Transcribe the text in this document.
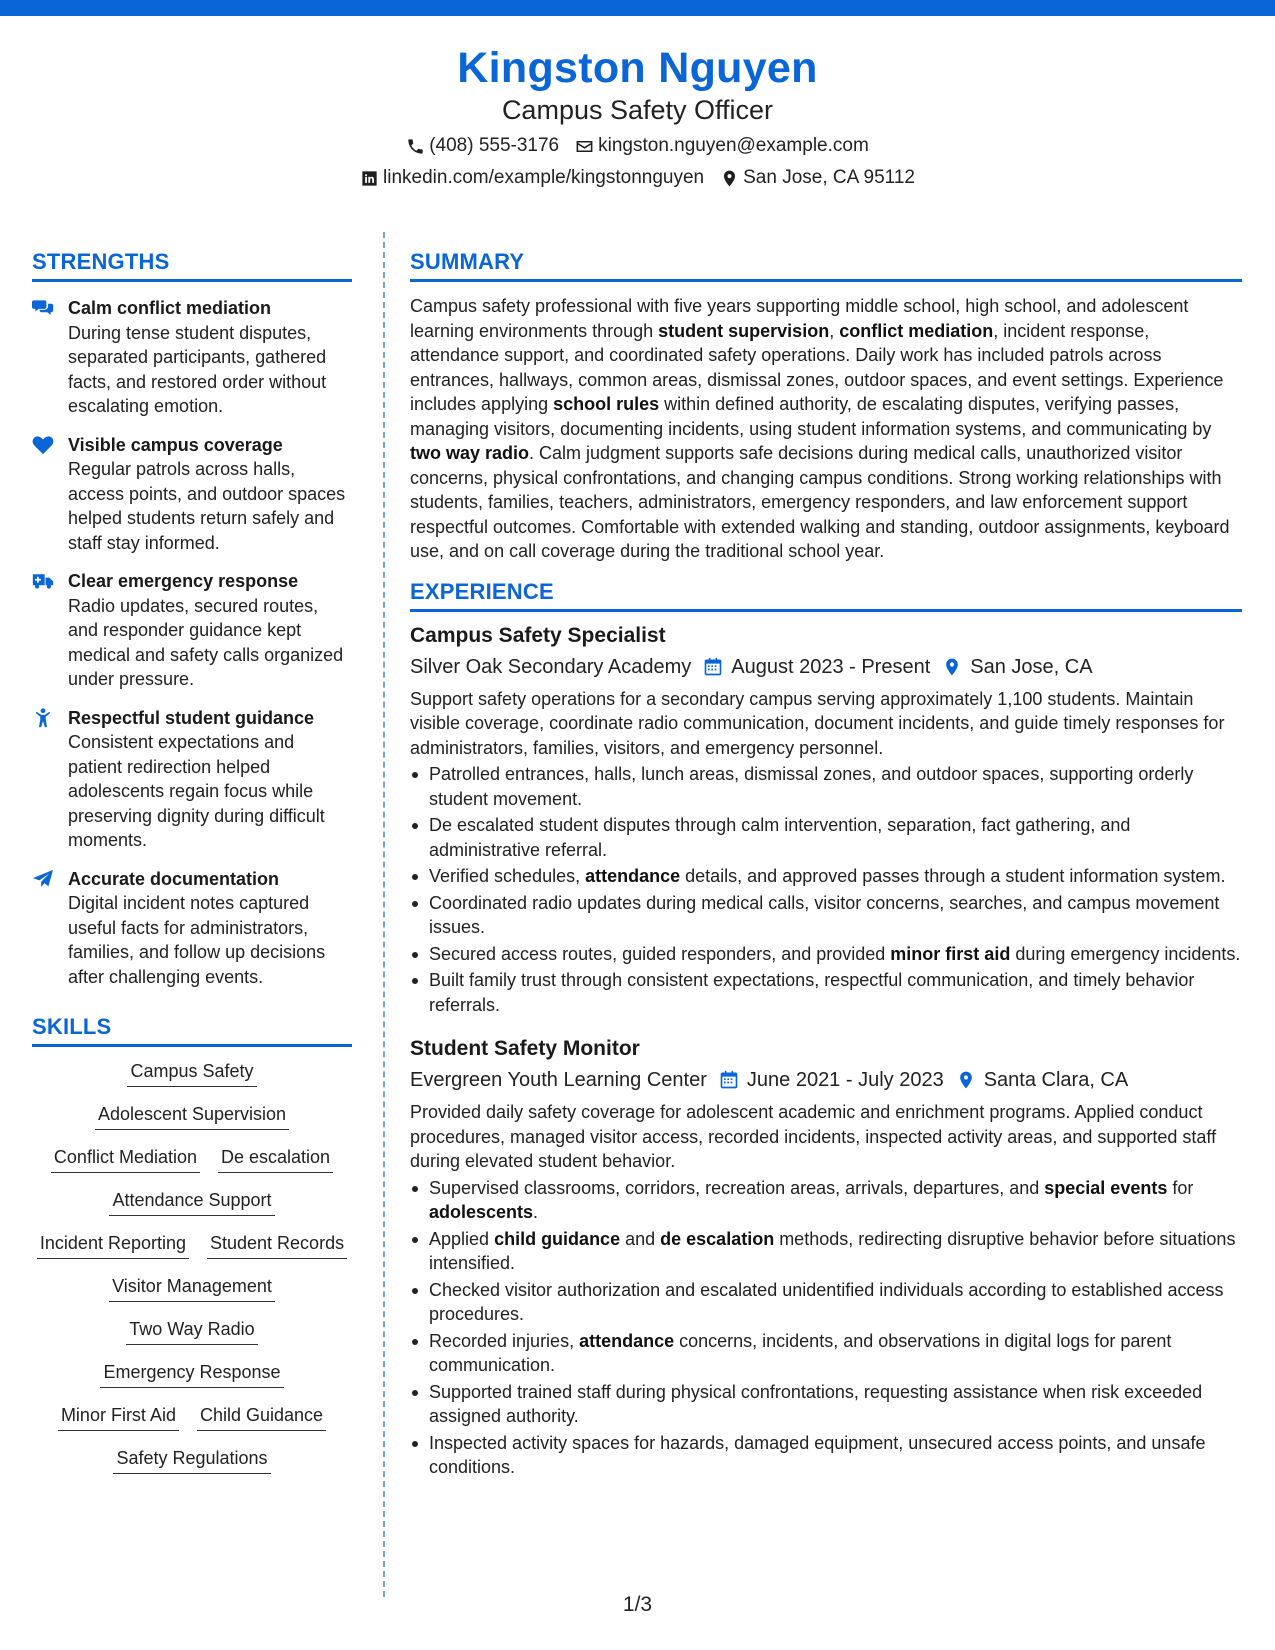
Kingston Nguyen
Campus Safety Officer
(408) 555-3176 kingston.nguyen@example.com
linkedin.com/example/kingstonnguyen San Jose, CA 95112
STRENGTHS
Calm conflict mediation
During tense student disputes, separated participants, gathered facts, and restored order without escalating emotion.
Visible campus coverage
Regular patrols across halls, access points, and outdoor spaces helped students return safely and staff stay informed.
Clear emergency response
Radio updates, secured routes, and responder guidance kept medical and safety calls organized under pressure.
Respectful student guidance
Consistent expectations and patient redirection helped adolescents regain focus while preserving dignity during difficult moments.
Accurate documentation
Digital incident notes captured useful facts for administrators, families, and follow up decisions after challenging events.
SKILLS
Campus Safety
Adolescent Supervision
Conflict Mediation De escalation
Attendance Support
Incident Reporting Student Records
Visitor Management
Two Way Radio
Emergency Response
Minor First Aid Child Guidance
Safety Regulations
SUMMARY
Campus safety professional with five years supporting middle school, high school, and adolescent learning environments through student supervision, conflict mediation, incident response, attendance support, and coordinated safety operations. Daily work has included patrols across entrances, hallways, common areas, dismissal zones, outdoor spaces, and event settings. Experience includes applying school rules within defined authority, de escalating disputes, verifying passes, managing visitors, documenting incidents, using student information systems, and communicating by two way radio. Calm judgment supports safe decisions during medical calls, unauthorized visitor concerns, physical confrontations, and changing campus conditions. Strong working relationships with students, families, teachers, administrators, emergency responders, and law enforcement support respectful outcomes. Comfortable with extended walking and standing, outdoor assignments, keyboard use, and on call coverage during the traditional school year.
EXPERIENCE
Campus Safety Specialist
Silver Oak Secondary Academy August 2023 - Present San Jose, CA
Support safety operations for a secondary campus serving approximately 1,100 students. Maintain visible coverage, coordinate radio communication, document incidents, and guide timely responses for administrators, families, visitors, and emergency personnel.
Patrolled entrances, halls, lunch areas, dismissal zones, and outdoor spaces, supporting orderly student movement.
De escalated student disputes through calm intervention, separation, fact gathering, and administrative referral.
Verified schedules, attendance details, and approved passes through a student information system.
Coordinated radio updates during medical calls, visitor concerns, searches, and campus movement issues.
Secured access routes, guided responders, and provided minor first aid during emergency incidents.
Built family trust through consistent expectations, respectful communication, and timely behavior referrals.
Student Safety Monitor
Evergreen Youth Learning Center June 2021 - July 2023 Santa Clara, CA
Provided daily safety coverage for adolescent academic and enrichment programs. Applied conduct procedures, managed visitor access, recorded incidents, inspected activity areas, and supported staff during elevated student behavior.
Supervised classrooms, corridors, recreation areas, arrivals, departures, and special events for adolescents.
Applied child guidance and de escalation methods, redirecting disruptive behavior before situations intensified.
Checked visitor authorization and escalated unidentified individuals according to established access procedures.
Recorded injuries, attendance concerns, incidents, and observations in digital logs for parent communication.
Supported trained staff during physical confrontations, requesting assistance when risk exceeded assigned authority.
Inspected activity spaces for hazards, damaged equipment, unsecured access points, and unsafe conditions.
1/3
